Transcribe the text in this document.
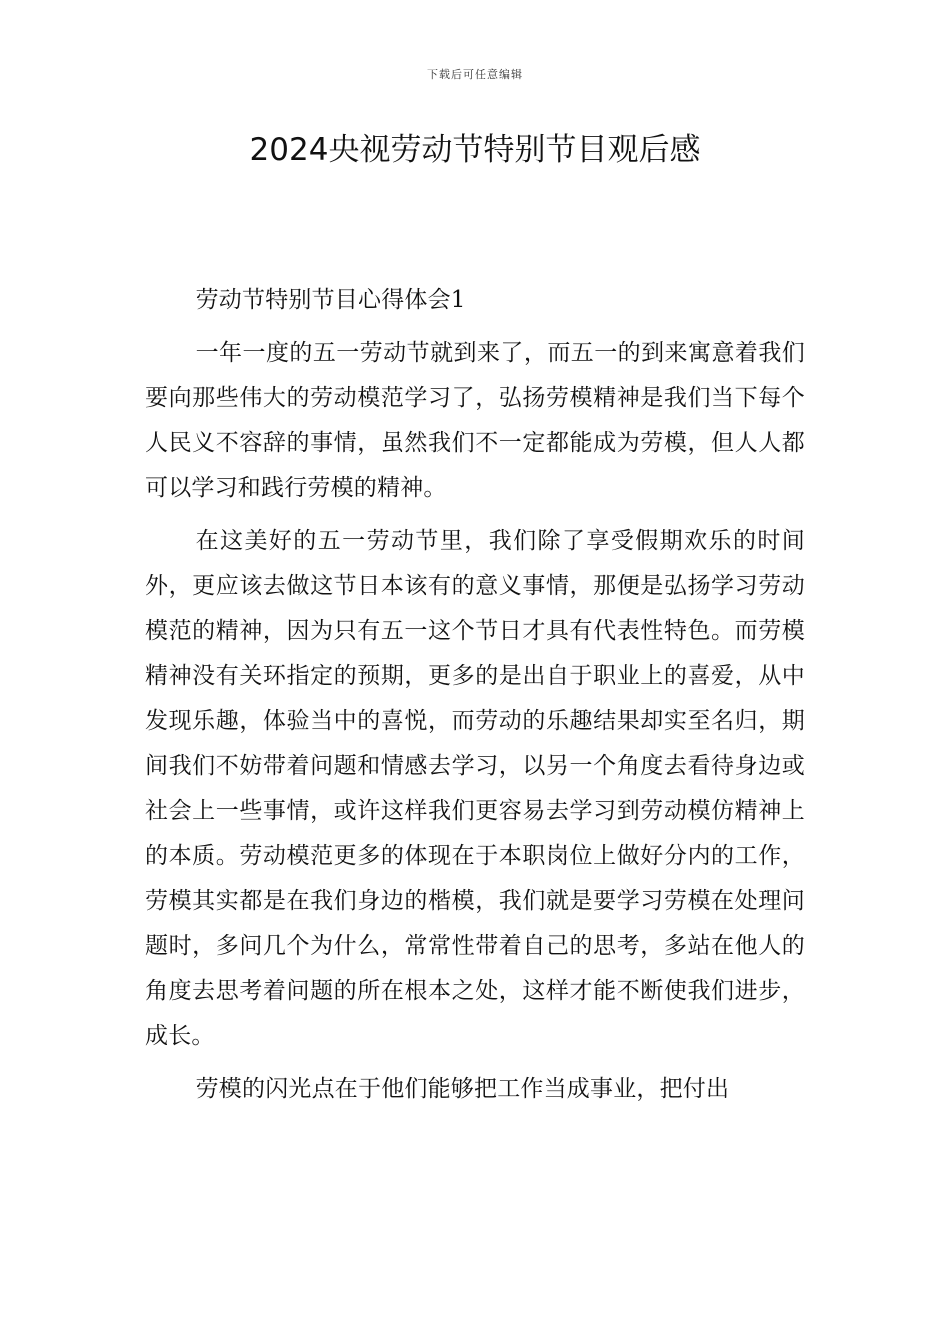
下载后可任意编辑
2024央视劳动节特别节目观后感

劳动节特别节目心得体会1

一年一度的五一劳动节就到来了，而五一的到来寓意着我们要向那些伟大的劳动模范学习了，弘扬劳模精神是我们当下每个人民义不容辞的事情，虽然我们不一定都能成为劳模，但人人都可以学习和践行劳模的精神。

在这美好的五一劳动节里，我们除了享受假期欢乐的时间外，更应该去做这节日本该有的意义事情，那便是弘扬学习劳动模范的精神，因为只有五一这个节日才具有代表性特色。而劳模精神没有关环指定的预期，更多的是出自于职业上的喜爱，从中发现乐趣，体验当中的喜悦，而劳动的乐趣结果却实至名归，期间我们不妨带着问题和情感去学习，以另一个角度去看待身边或社会上一些事情，或许这样我们更容易去学习到劳动模仿精神上的本质。劳动模范更多的体现在于本职岗位上做好分内的工作，劳模其实都是在我们身边的楷模，我们就是要学习劳模在处理问题时，多问几个为什么，常常性带着自己的思考，多站在他人的角度去思考着问题的所在根本之处，这样才能不断使我们进步，成长。

劳模的闪光点在于他们能够把工作当成事业，把付出
